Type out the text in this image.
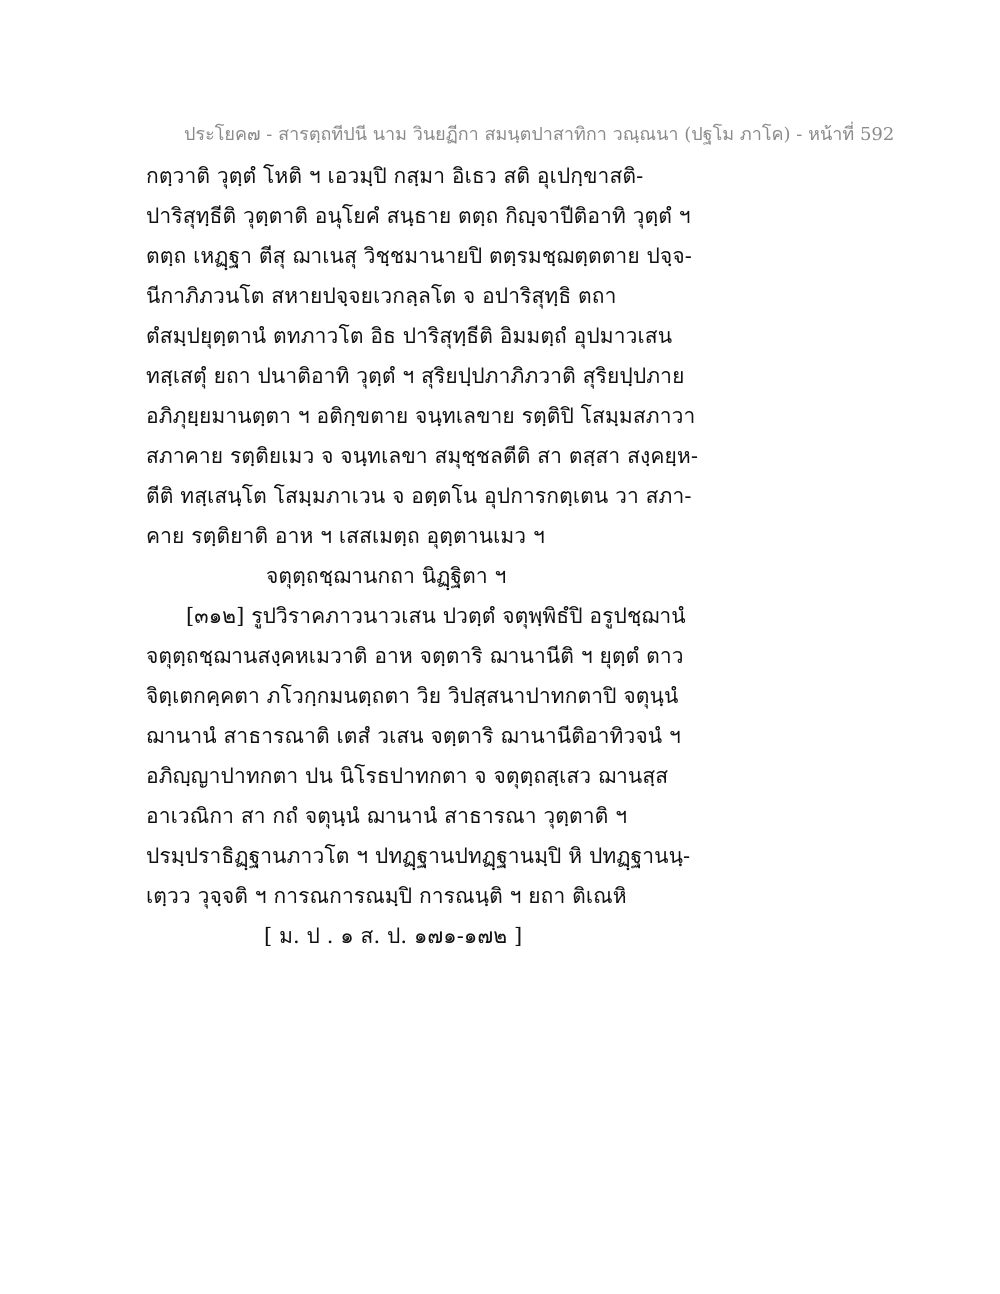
ประโยค๗ - สารตฺถทีปนี นาม วินยฏีกา สมนฺตปาสาทิกา วณฺณนา (ปฐโม ภาโค) - หน้าที่ 592
กตฺวาติ วุตฺตํ โหติ ฯ เอวมฺปิ กสฺมา อิเธว สติ อุเปกฺขาสติ-
ปาริสุทฺธีติ วุตฺตาติ อนุโยคํ สนฺธาย ตตฺถ กิญฺจาปีติอาทิ วุตฺตํ ฯ
ตตฺถ เหฏฺฐา ตีสุ ฌาเนสุ วิชฺชมานายปิ ตตฺรมชฺฌตฺตตาย ปจฺจ-
นีกาภิภวนโต สหายปจฺจยเวกลฺลโต จ อปาริสุทฺธิ ตถา
ตํสมฺปยุตฺตานํ ตทภาวโต อิธ ปาริสุทฺธีติ อิมมตฺถํ อุปมาวเสน
ทสฺเสตุํ ยถา ปนาติอาทิ วุตฺตํ ฯ สุริยปฺปภาภิภวาติ สุริยปฺปภาย
อภิภุยฺยมานตฺตา ฯ อติกฺขตาย จนฺทเลขาย รตฺติปิ โสมฺมสภาวา
สภาคาย รตฺติยเมว จ จนฺทเลขา สมุชฺชลตีติ สา ตสฺสา สงฺคยฺห-
ตีติ ทสฺเสนฺโต โสมฺมภาเวน จ อตฺตโน อุปการกตฺเตน วา สภา-
คาย รตฺติยาติ อาห ฯ เสสเมตฺถ อุตฺตานเมว ฯ
จตุตฺถชฺฌานกถา นิฏฺฐิตา ฯ
[๓๑๒] รูปวิราคภาวนาวเสน ปวตฺตํ จตุพฺพิธํปิ อรูปชฺฌานํ
จตุตฺถชฺฌานสงฺคหเมวาติ อาห จตฺตาริ ฌานานีติ ฯ ยุตฺตํ ตาว
จิตฺเตกคฺคตา ภโวกฺกมนตฺถตา วิย วิปสฺสนาปาทกตาปิ จตุนฺนํ
ฌานานํ สาธารณาติ เตสํ วเสน จตฺตาริ ฌานานีติอาทิวจนํ ฯ
อภิญฺญาปาทกตา ปน นิโรธปาทกตา จ จตุตฺถสฺเสว ฌานสฺส
อาเวณิกา สา กถํ จตุนฺนํ ฌานานํ สาธารณา วุตฺตาติ ฯ
ปรมฺปราธิฏฺฐานภาวโต ฯ ปทฏฺฐานปทฏฺฐานมฺปิ หิ ปทฏฺฐานนฺ-
เตฺวว วุจฺจติ ฯ การณการณมฺปิ การณนฺติ ฯ ยถา ติเณหิ
[ ม. ป . ๑ ส. ป. ๑๗๑-๑๗๒ ]
